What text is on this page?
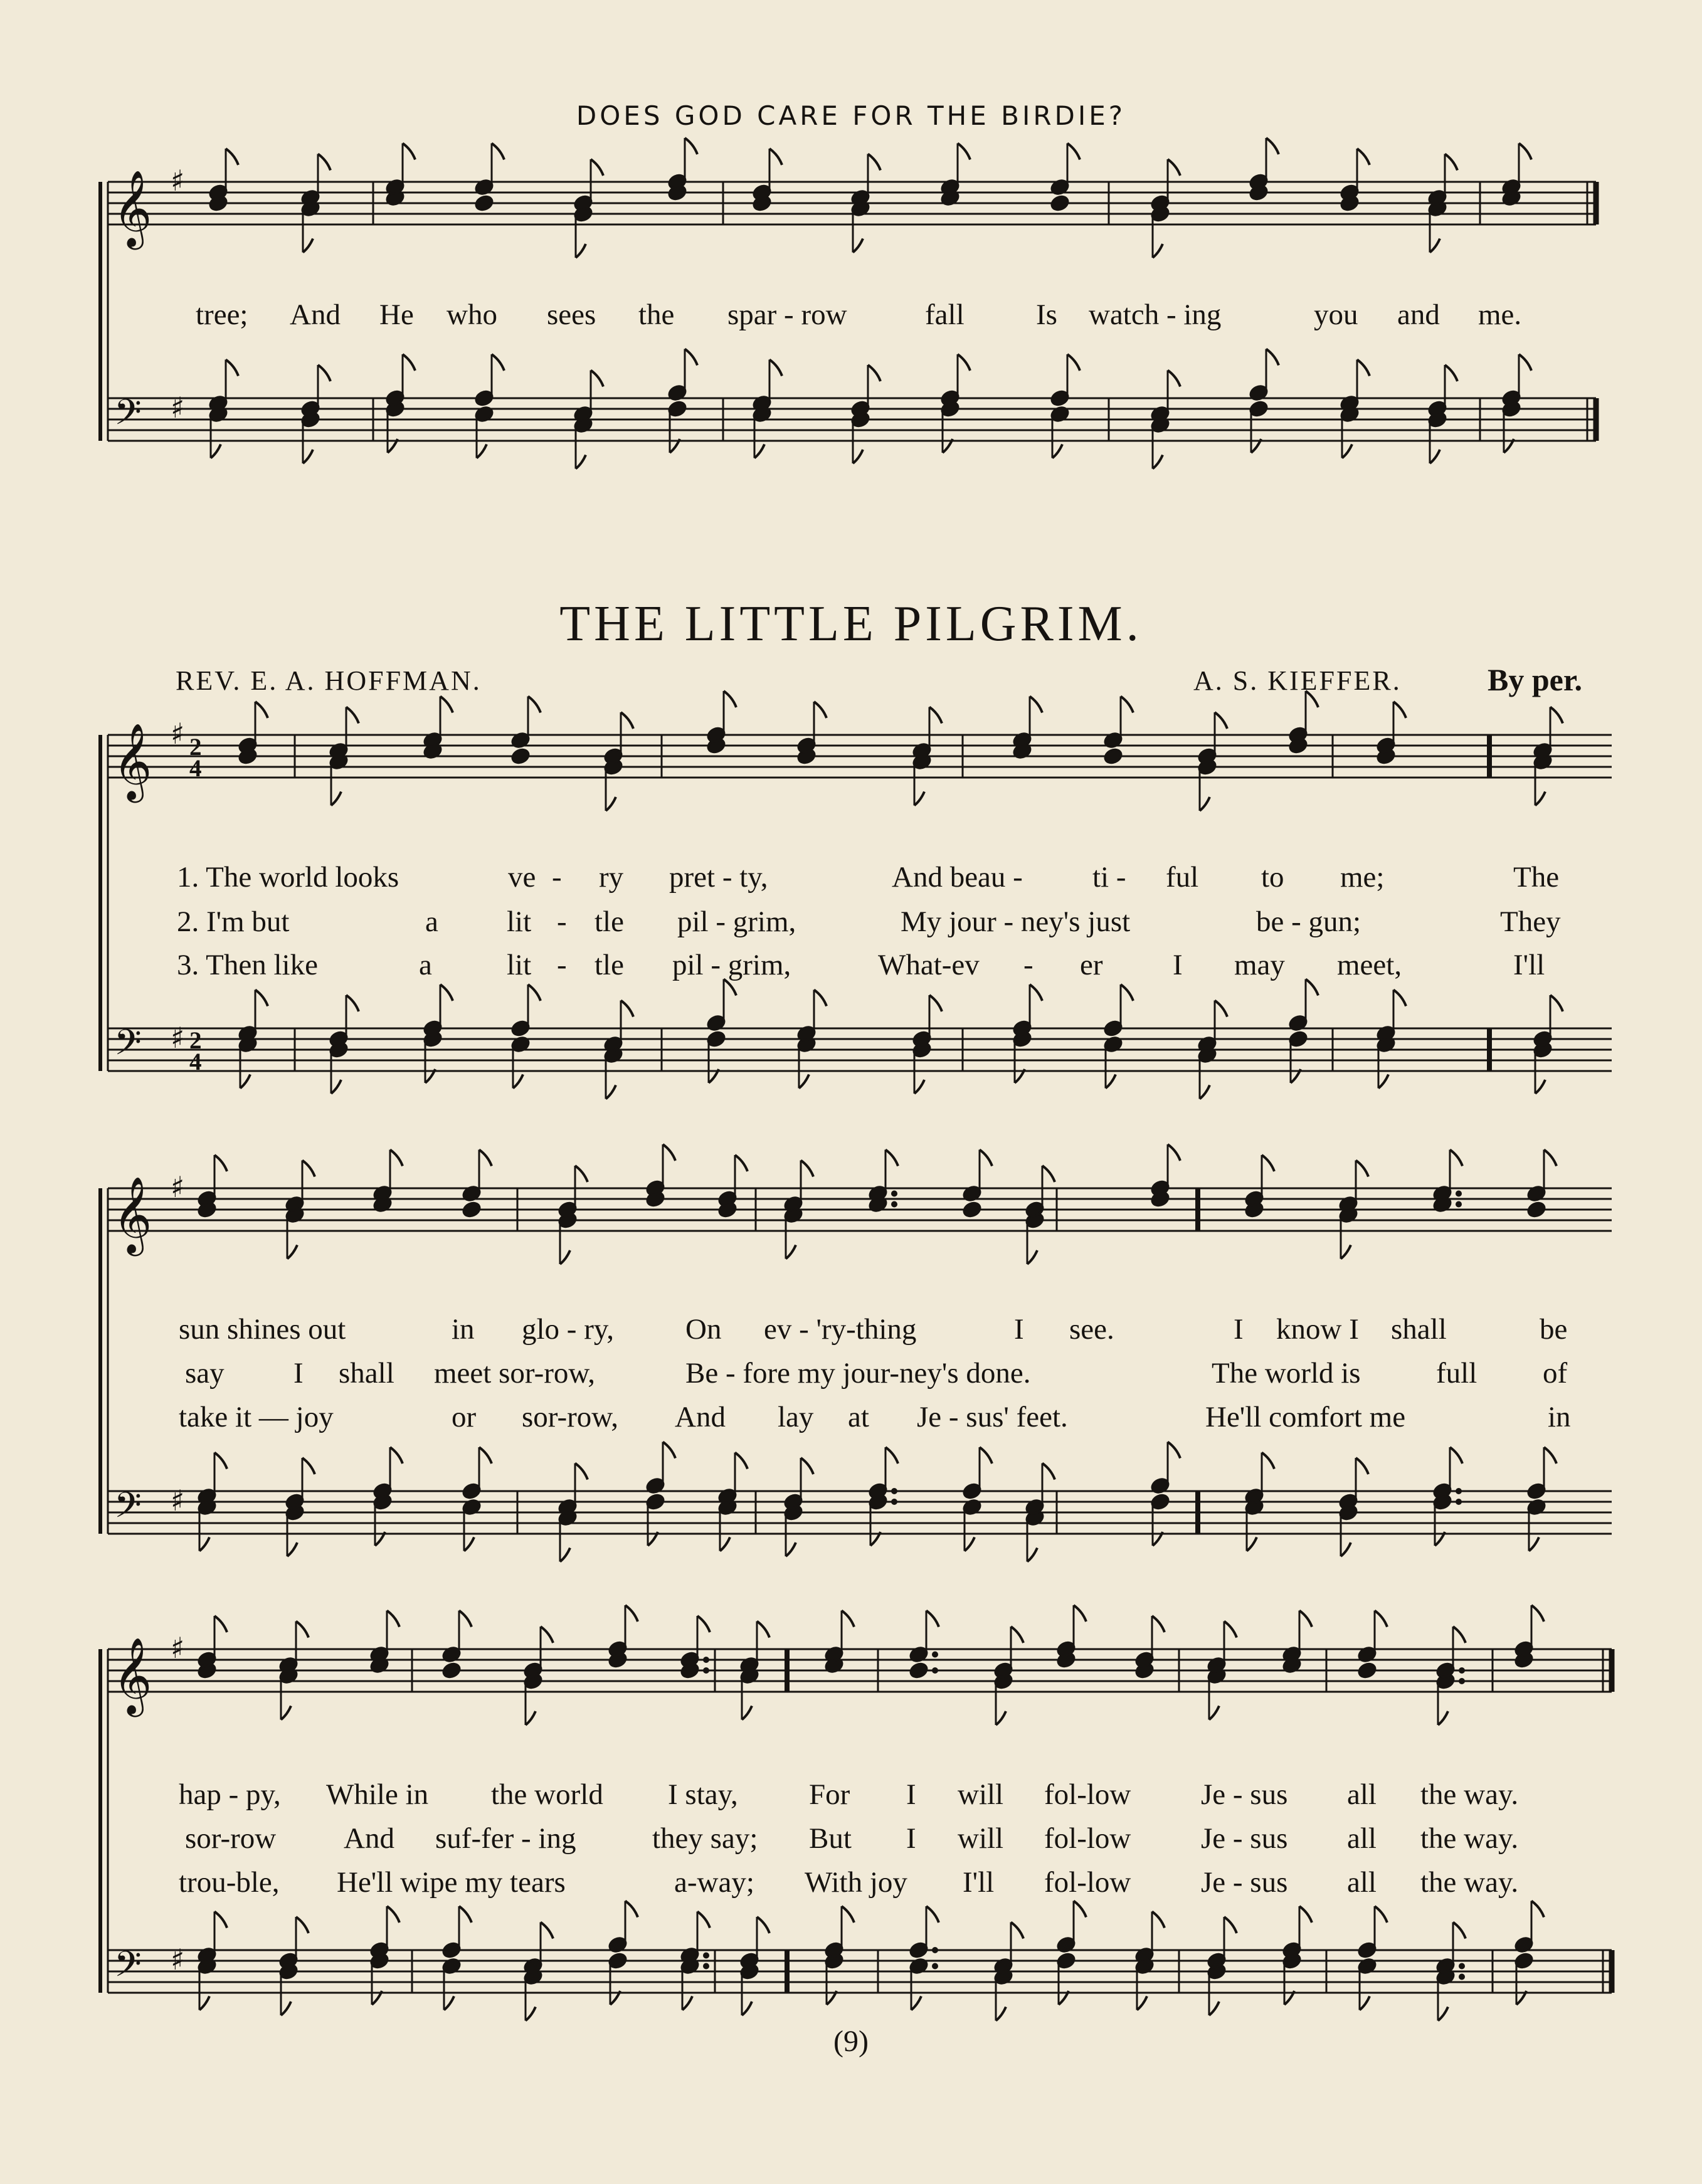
DOES GOD CARE FOR THE BIRDIE?
𝄞
𝄢
♯
♯
tree; And He who sees the spar - row	fall Is watch - ing	you and me.
THE LITTLE PILGRIM.
REV. E. A. HOFFMAN.	A. S. KIEFFER.	By per.
𝄞
𝄢
♯
♯
2
4
2
4
1. The world looks	ve - ry pret - ty,	And beau - ti - ful to me;	The
2. I'm but	a lit - tle pil - grim,	My jour - ney's just	be - gun;	They
3. Then like	a	lit - tle pil - grim,	What-ev - er I may meet,	I'll
𝄞
𝄢
♯
♯
sun shines out	in glo - ry, On ev - 'ry-thing	I see.	I know I shall	be
say I shall meet sor-row,	Be - fore my jour-ney's done.	The world is	full of
take it — joy	or sor-row, And lay at Je - sus' feet.	He'll comfort me	in
𝄞
𝄢
♯
♯
hap - py, While in the world I stay, For I will fol-low Je - sus all the way.
sor-row And suf-fer - ing	they say; But I will fol-low Je - sus all the way.
trou-ble, He'll wipe my tears	a-way; With joy I'll fol-low Je - sus all the way.
(9)
